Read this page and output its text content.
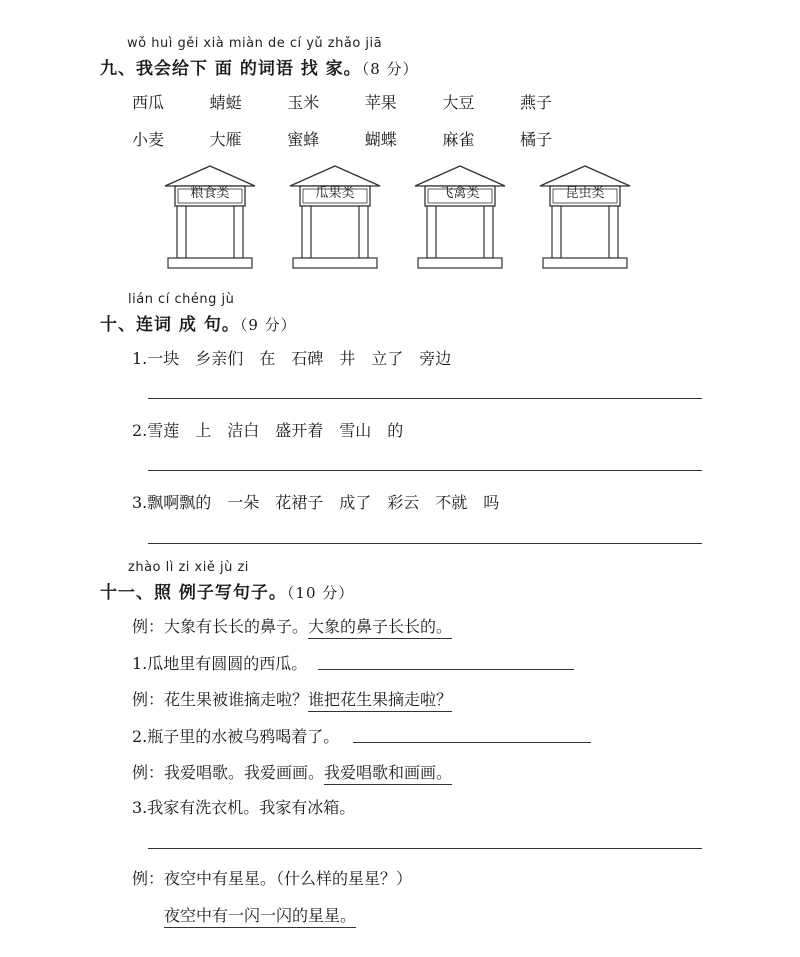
wǒ huì gěi xià miàn de cí yǔ zhǎo jiā
九、我会给下 面 的词语 找 家。（8 分）
西瓜	蜻蜓	玉米	苹果	大豆	燕子
小麦	大雁	蜜蜂	蝴蝶	麻雀	橘子
粮食类	瓜果类	飞禽类	昆虫类
lián cí chéng jù
十、连词 成 句。（9 分）
1.一块　乡亲们　在　石碑　井　立了　旁边
2.雪莲　上　洁白　盛开着　雪山　的
3.飘啊飘的　一朵　花裙子　成了　彩云　不就　吗
zhào lì zi xiě jù zi
十一、照 例子写句子。（10 分）
例：大象有长长的鼻子。大象的鼻子长长的。
1.瓜地里有圆圆的西瓜。
例：花生果被谁摘走啦？谁把花生果摘走啦？
2.瓶子里的水被乌鸦喝着了。
例：我爱唱歌。我爱画画。我爱唱歌和画画。
3.我家有洗衣机。我家有冰箱。
例：夜空中有星星。（什么样的星星？）
夜空中有一闪一闪的星星。
